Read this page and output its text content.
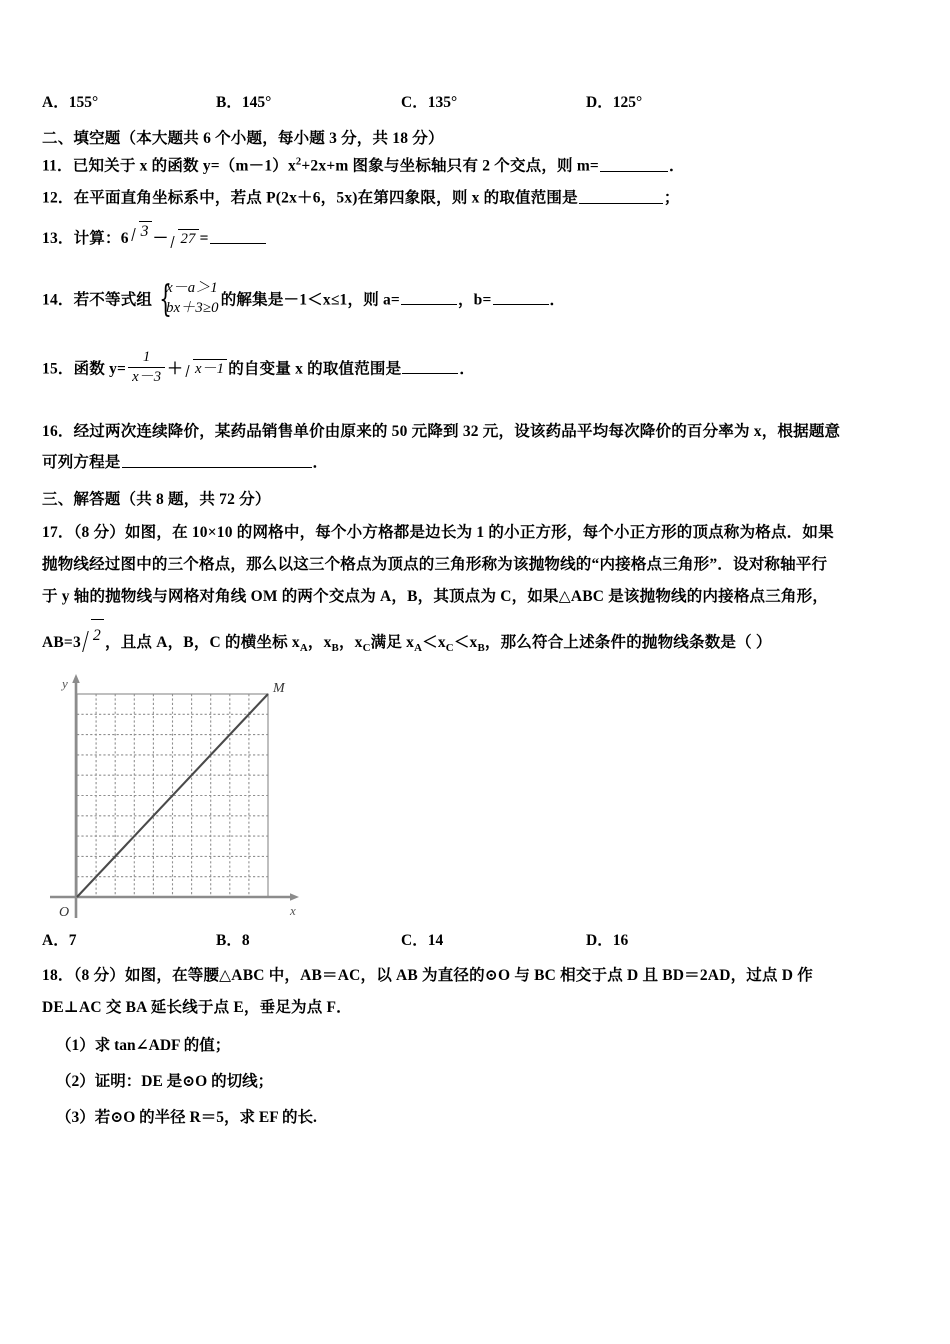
A．155°	B．145°	C．135°	D．125°
二、填空题（本大题共 6 个小题，每小题 3 分，共 18 分）
11．已知关于 x 的函数 $y=(m-1)x^2+2x+m$ 图象与坐标轴只有 2 个交点，则 m=	．
12．在平面直角坐标系中，若点 P(2x＋6，5x)在第四象限，则 x 的取值范围是	；
13．计算：6 3 － 27 =
14．若不等式组 {
x－a＞1
bx＋3≥0 的解集是－1＜x≤1，则 a=	，b=	．
15．函数 $y= \frac{1}{x-3} + x-1$ 的自变量 x 的取值范围是	．
16．经过两次连续降价，某药品销售单价由原来的 50 元降到 32 元，设该药品平均每次降价的百分率为 x，根据题意
可列方程是	．
三、解答题（共 8 题，共 72 分）
17．（8 分）如图，在 10×10 的网格中，每个小方格都是边长为 1 的小正方形，每个小正方形的顶点称为格点．如果
抛物线经过图中的三个格点，那么以这三个格点为顶点的三角形称为该抛物线的“内接格点三角形”．设对称轴平行
于 y 轴的抛物线与网格对角线 OM 的两个交点为 A，B，其顶点为 C，如果△ABC 是该抛物线的内接格点三角形，
AB=3 2 ，且点 A，B，C 的横坐标 $x_A$，$x_B$，$x_C$满足 $x_A<x_C<x_B$，那么符合上述条件的抛物线条数是（ ）
y
x
O
M
A．7	B．8	C．14	D．16
18．（8 分）如图，在等腰△ABC 中，AB＝AC，以 AB 为直径的⊙O 与 BC 相交于点 D 且 BD＝2AD，过点 D 作
DE⊥AC 交 BA 延长线于点 E，垂足为点 F．
（1）求 tan∠ADF 的值；
（2）证明：DE 是⊙O 的切线；
（3）若⊙O 的半径 R＝5，求 EF 的长.
